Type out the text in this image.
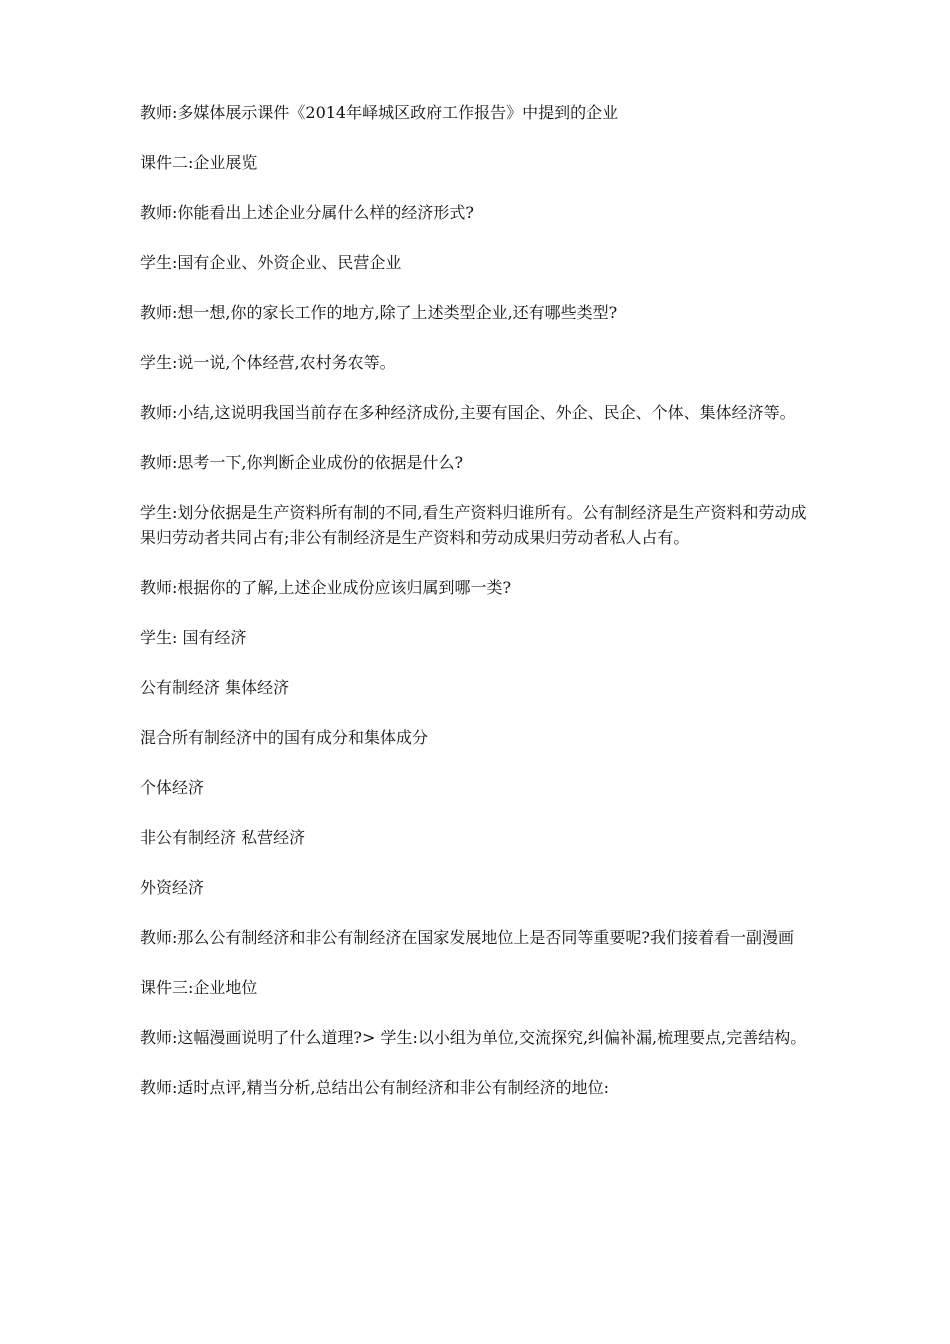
教师:多媒体展示课件《2014年峄城区政府工作报告》中提到的企业

课件二:企业展览

教师:你能看出上述企业分属什么样的经济形式?

学生:国有企业、外资企业、民营企业

教师:想一想,你的家长工作的地方,除了上述类型企业,还有哪些类型?

学生:说一说,个体经营,农村务农等。

教师:小结,这说明我国当前存在多种经济成份,主要有国企、外企、民企、个体、集体经济等。

教师:思考一下,你判断企业成份的依据是什么?

学生:划分依据是生产资料所有制的不同,看生产资料归谁所有。公有制经济是生产资料和劳动成果归劳动者共同占有;非公有制经济是生产资料和劳动成果归劳动者私人占有。

教师:根据你的了解,上述企业成份应该归属到哪一类?

学生: 国有经济

公有制经济 集体经济

混合所有制经济中的国有成分和集体成分

个体经济

非公有制经济 私营经济

外资经济

教师:那么公有制经济和非公有制经济在国家发展地位上是否同等重要呢?我们接着看一副漫画

课件三:企业地位

教师:这幅漫画说明了什么道理?> 学生:以小组为单位,交流探究,纠偏补漏,梳理要点,完善结构。

教师:适时点评,精当分析,总结出公有制经济和非公有制经济的地位:
